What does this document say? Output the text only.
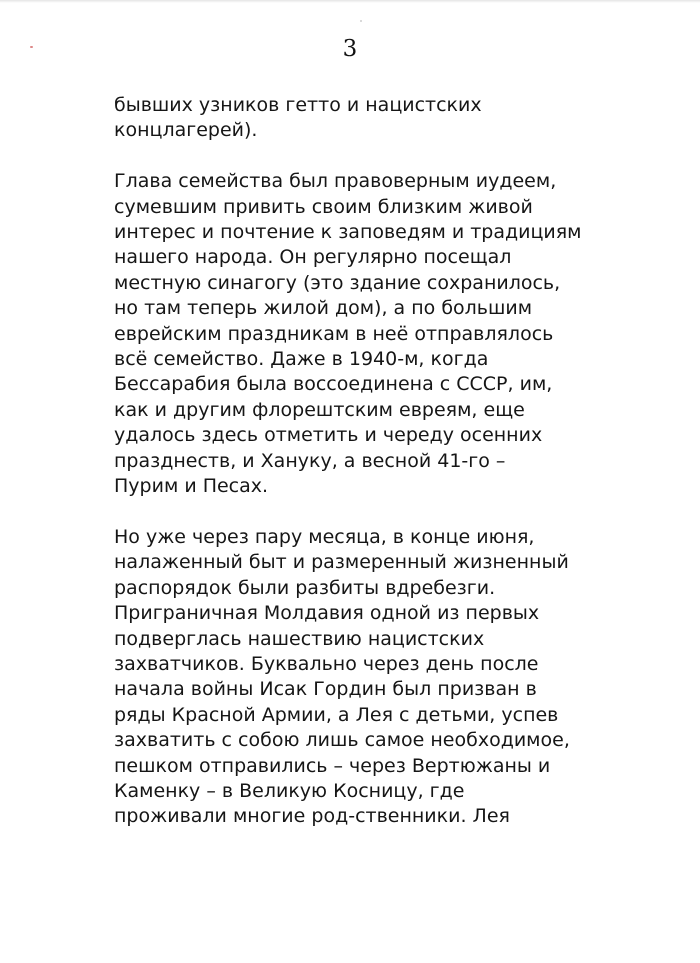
3

бывших узников гетто и нацистских
концлагерей).

Глава семейства был правоверным иудеем,
сумевшим привить своим близким живой
интерес и почтение к заповедям и традициям
нашего народа. Он регулярно посещал
местную синагогу (это здание сохранилось,
но там теперь жилой дом), а по большим
еврейским праздникам в неё отправлялось
всё семейство. Даже в 1940-м, когда
Бессарабия была воссоединена с СССР, им,
как и другим флорештским евреям, еще
удалось здесь отметить и череду осенних
празднеств, и Хануку, а весной 41-го –
Пурим и Песах.

Но уже через пару месяца, в конце июня,
налаженный быт и размеренный жизненный
распорядок были разбиты вдребезги.
Приграничная Молдавия одной из первых
подверглась нашествию нацистских
захватчиков. Буквально через день после
начала войны Исак Гордин был призван в
ряды Красной Армии, а Лея с детьми, успев
захватить с собою лишь самое необходимое,
пешком отправились – через Вертюжаны и
Каменку – в Великую Косницу, где
проживали многие род-ственники. Лея
